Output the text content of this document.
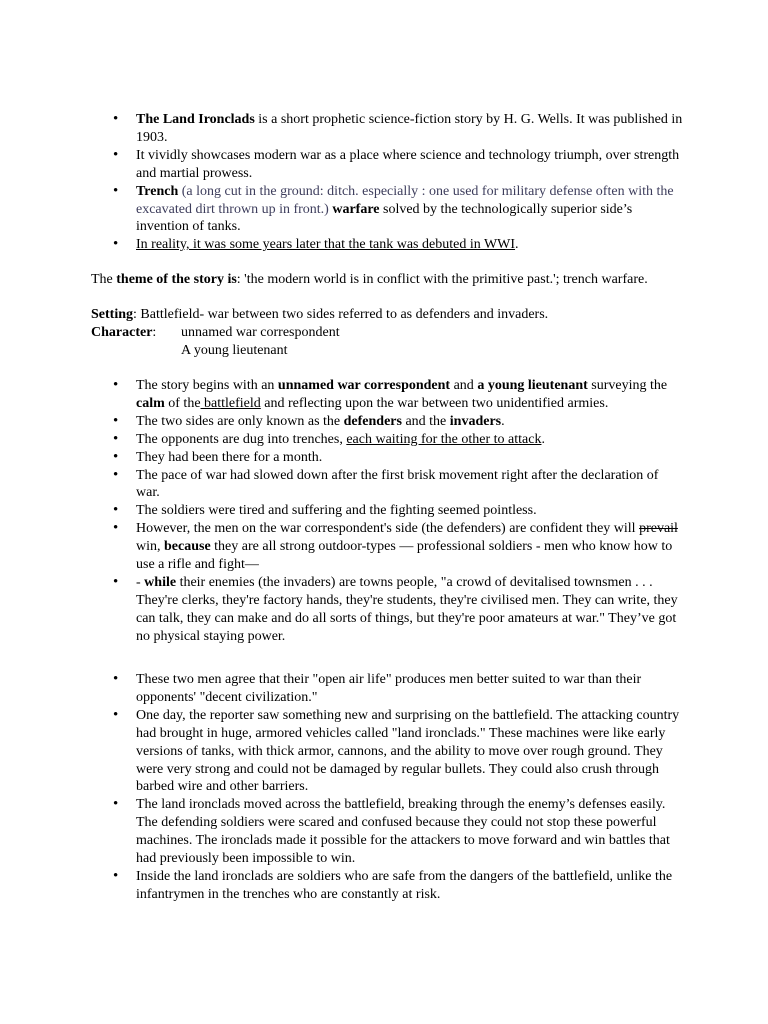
• The Land Ironclads is a short prophetic science-fiction story by H. G. Wells. It was published in 1903.
• It vividly showcases modern war as a place where science and technology triumph, over strength and martial prowess.
• Trench (a long cut in the ground: ditch. especially : one used for military defense often with the excavated dirt thrown up in front.) warfare solved by the technologically superior side’s invention of tanks.
• In reality, it was some years later that the tank was debuted in WWI.

The theme of the story is: 'the modern world is in conflict with the primitive past.'; trench warfare.

Setting: Battlefield- war between two sides referred to as defenders and invaders.

Character: unnamed war correspondent
A young lieutenant
• The story begins with an unnamed war correspondent and a young lieutenant surveying the calm of the battlefield and reflecting upon the war between two unidentified armies.
• The two sides are only known as the defenders and the invaders.
• The opponents are dug into trenches, each waiting for the other to attack.
• They had been there for a month.
• The pace of war had slowed down after the first brisk movement right after the declaration of war.
• The soldiers were tired and suffering and the fighting seemed pointless.
• However, the men on the war correspondent's side (the defenders) are confident they will prevail win, because they are all strong outdoor-types — professional soldiers - men who know how to use a rifle and fight—
• - while their enemies (the invaders) are towns people, "a crowd of devitalised townsmen . . . They're clerks, they're factory hands, they're students, they're civilised men. They can write, they can talk, they can make and do all sorts of things, but they're poor amateurs at war." They’ve got no physical staying power.
• These two men agree that their "open air life" produces men better suited to war than their opponents' "decent civilization."
• One day, the reporter saw something new and surprising on the battlefield. The attacking country had brought in huge, armored vehicles called "land ironclads." These machines were like early versions of tanks, with thick armor, cannons, and the ability to move over rough ground. They were very strong and could not be damaged by regular bullets. They could also crush through barbed wire and other barriers.
• The land ironclads moved across the battlefield, breaking through the enemy’s defenses easily. The defending soldiers were scared and confused because they could not stop these powerful machines. The ironclads made it possible for the attackers to move forward and win battles that had previously been impossible to win.
• Inside the land ironclads are soldiers who are safe from the dangers of the battlefield, unlike the infantrymen in the trenches who are constantly at risk.
